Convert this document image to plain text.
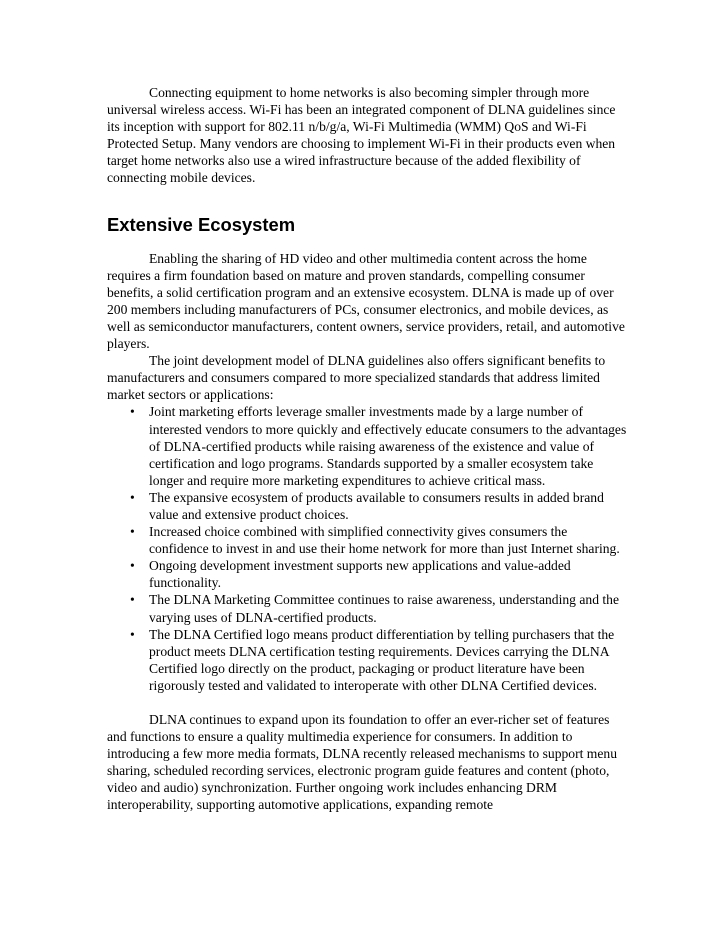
Connecting equipment to home networks is also becoming simpler through more universal wireless access. Wi-Fi has been an integrated component of DLNA guidelines since its inception with support for 802.11 n/b/g/a, Wi-Fi Multimedia (WMM) QoS and Wi-Fi Protected Setup. Many vendors are choosing to implement Wi-Fi in their products even when target home networks also use a wired infrastructure because of the added flexibility of connecting mobile devices.

Extensive Ecosystem

Enabling the sharing of HD video and other multimedia content across the home requires a firm foundation based on mature and proven standards, compelling consumer benefits, a solid certification program and an extensive ecosystem. DLNA is made up of over 200 members including manufacturers of PCs, consumer electronics, and mobile devices, as well as semiconductor manufacturers, content owners, service providers, retail, and automotive players.

The joint development model of DLNA guidelines also offers significant benefits to manufacturers and consumers compared to more specialized standards that address limited market sectors or applications:

• Joint marketing efforts leverage smaller investments made by a large number of interested vendors to more quickly and effectively educate consumers to the advantages of DLNA-certified products while raising awareness of the existence and value of certification and logo programs. Standards supported by a smaller ecosystem take longer and require more marketing expenditures to achieve critical mass.
• The expansive ecosystem of products available to consumers results in added brand value and extensive product choices.
• Increased choice combined with simplified connectivity gives consumers the confidence to invest in and use their home network for more than just Internet sharing.
• Ongoing development investment supports new applications and value-added functionality.
• The DLNA Marketing Committee continues to raise awareness, understanding and the varying uses of DLNA-certified products.
• The DLNA Certified logo means product differentiation by telling purchasers that the product meets DLNA certification testing requirements. Devices carrying the DLNA Certified logo directly on the product, packaging or product literature have been rigorously tested and validated to interoperate with other DLNA Certified devices.

DLNA continues to expand upon its foundation to offer an ever-richer set of features and functions to ensure a quality multimedia experience for consumers. In addition to introducing a few more media formats, DLNA recently released mechanisms to support menu sharing, scheduled recording services, electronic program guide features and content (photo, video and audio) synchronization. Further ongoing work includes enhancing DRM interoperability, supporting automotive applications, expanding remote
